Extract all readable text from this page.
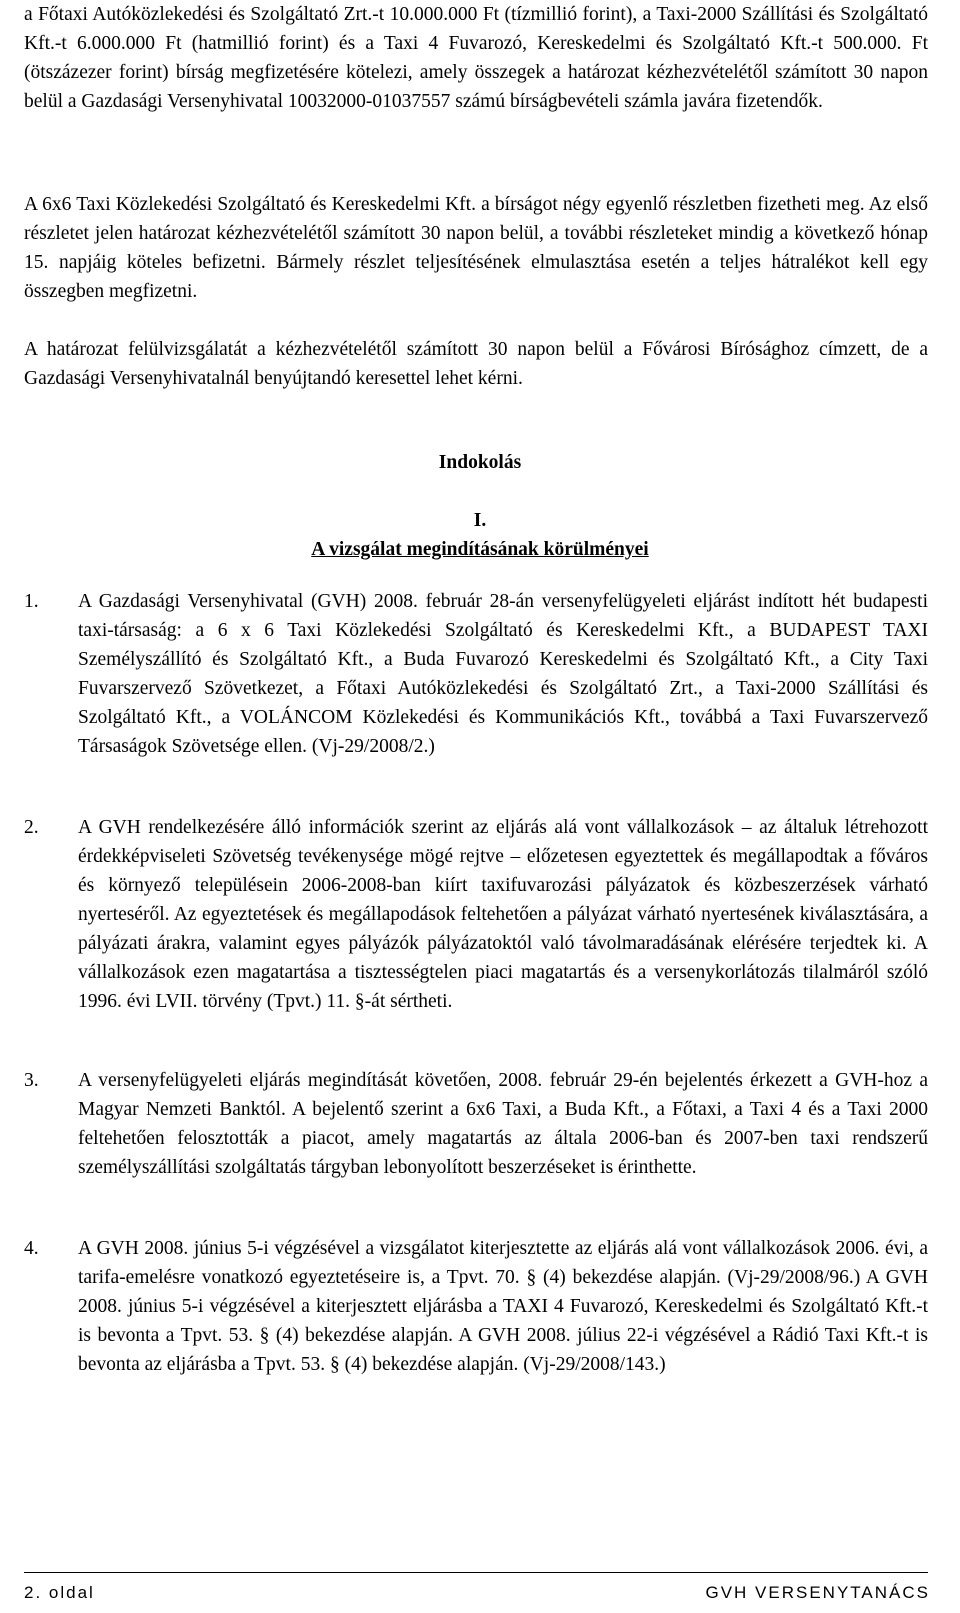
a Főtaxi Autóközlekedési és Szolgáltató Zrt.-t 10.000.000 Ft (tízmillió forint), a Taxi-2000 Szállítási és Szolgáltató Kft.-t 6.000.000 Ft (hatmillió forint) és a Taxi 4 Fuvarozó, Kereskedelmi és Szolgáltató Kft.-t 500.000. Ft (ötszázezer forint) bírság megfizetésére kötelezi, amely összegek a határozat kézhezvételétől számított 30 napon belül a Gazdasági Versenyhivatal 10032000-01037557 számú bírságbevételi számla javára fizetendők.

A 6x6 Taxi Közlekedési Szolgáltató és Kereskedelmi Kft. a bírságot négy egyenlő részletben fizetheti meg. Az első részletet jelen határozat kézhezvételétől számított 30 napon belül, a további részleteket mindig a következő hónap 15. napjáig köteles befizetni. Bármely részlet teljesítésének elmulasztása esetén a teljes hátralékot kell egy összegben megfizetni.

A határozat felülvizsgálatát a kézhezvételétől számított 30 napon belül a Fővárosi Bírósághoz címzett, de a Gazdasági Versenyhivatalnál benyújtandó keresettel lehet kérni.

Indokolás

I.

A vizsgálat megindításának körülményei

1.	A Gazdasági Versenyhivatal (GVH) 2008. február 28-án versenyfelügyeleti eljárást indított hét budapesti taxi-társaság: a 6 x 6 Taxi Közlekedési Szolgáltató és Kereskedelmi Kft., a BUDAPEST TAXI Személyszállító és Szolgáltató Kft., a Buda Fuvarozó Kereskedelmi és Szolgáltató Kft., a City Taxi Fuvarszervező Szövetkezet, a Főtaxi Autóközlekedési és Szolgáltató Zrt., a Taxi-2000 Szállítási és Szolgáltató Kft., a VOLÁNCOM Közlekedési és Kommunikációs Kft., továbbá a Taxi Fuvarszervező Társaságok Szövetsége ellen. (Vj-29/2008/2.)
2.	A GVH rendelkezésére álló információk szerint az eljárás alá vont vállalkozások – az általuk létrehozott érdekképviseleti Szövetség tevékenysége mögé rejtve – előzetesen egyeztettek és megállapodtak a főváros és környező településein 2006-2008-ban kiírt taxifuvarozási pályázatok és közbeszerzések várható nyerteséről. Az egyeztetések és megállapodások feltehetően a pályázat várható nyertesének kiválasztására, a pályázati árakra, valamint egyes pályázók pályázatoktól való távolmaradásának elérésére terjedtek ki. A vállalkozások ezen magatartása a tisztességtelen piaci magatartás és a versenykorlátozás tilalmáról szóló 1996. évi LVII. törvény (Tpvt.) 11. §-át sértheti.
3.	A versenyfelügyeleti eljárás megindítását követően, 2008. február 29-én bejelentés érkezett a GVH-hoz a Magyar Nemzeti Banktól. A bejelentő szerint a 6x6 Taxi, a Buda Kft., a Főtaxi, a Taxi 4 és a Taxi 2000 feltehetően felosztották a piacot, amely magatartás az általa 2006-ban és 2007-ben taxi rendszerű személyszállítási szolgáltatás tárgyban lebonyolított beszerzéseket is érinthette.
4.	A GVH 2008. június 5-i végzésével a vizsgálatot kiterjesztette az eljárás alá vont vállalkozások 2006. évi, a tarifa-emelésre vonatkozó egyeztetéseire is, a Tpvt. 70. § (4) bekezdése alapján. (Vj-29/2008/96.) A GVH 2008. június 5-i végzésével a kiterjesztett eljárásba a TAXI 4 Fuvarozó, Kereskedelmi és Szolgáltató Kft.-t is bevonta a Tpvt. 53. § (4) bekezdése alapján. A GVH 2008. július 22-i végzésével a Rádió Taxi Kft.-t is bevonta az eljárásba a Tpvt. 53. § (4) bekezdése alapján. (Vj-29/2008/143.)
2. oldal	GVH VERSENYTANÁCS
